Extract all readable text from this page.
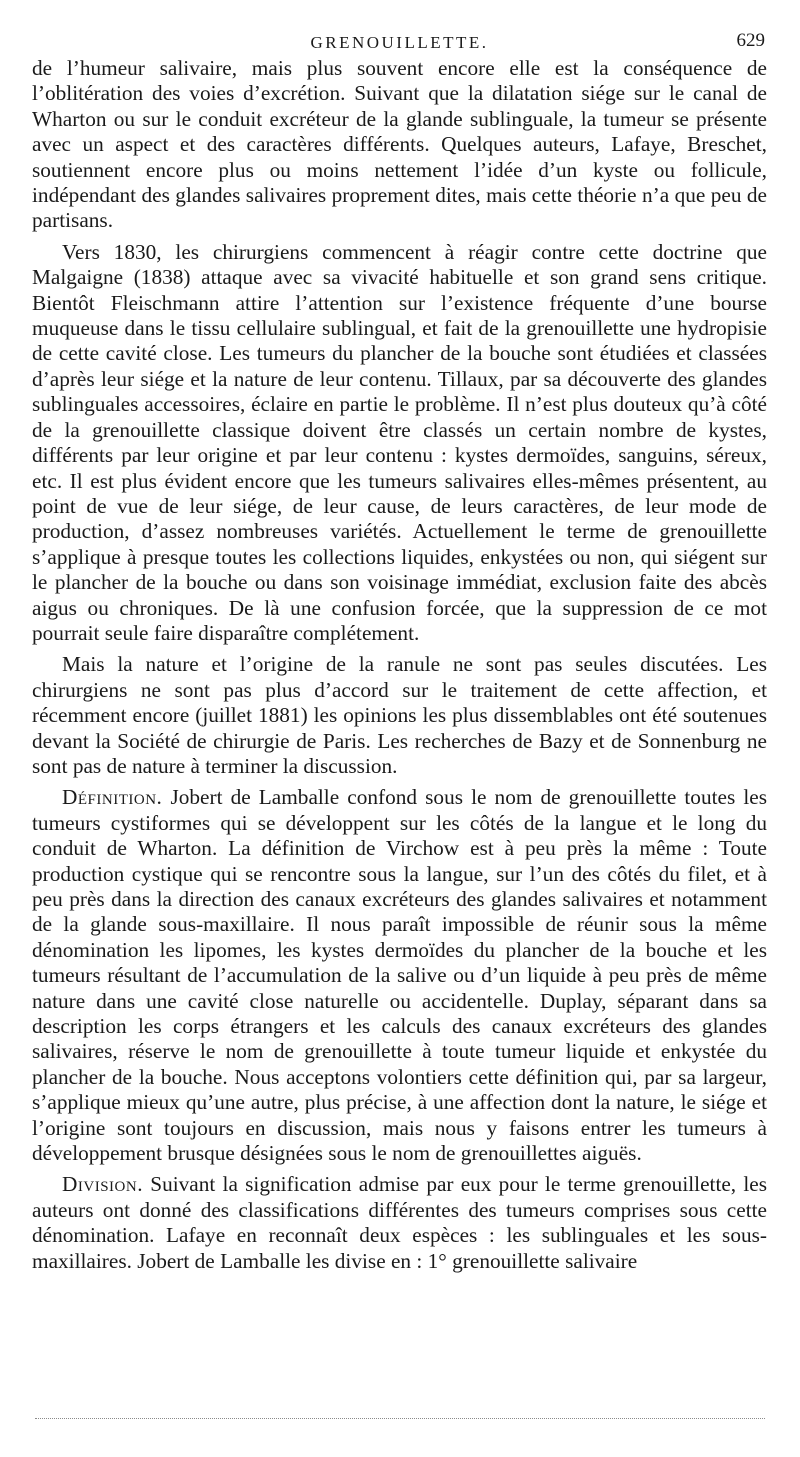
GRENOUILLETTE.	629

de l’humeur salivaire, mais plus souvent encore elle est la conséquence de l’oblitération des voies d’excrétion. Suivant que la dilatation siége sur le canal de Wharton ou sur le conduit excréteur de la glande sublinguale, la tumeur se présente avec un aspect et des caractères différents. Quelques auteurs, Lafaye, Breschet, soutiennent encore plus ou moins nettement l’idée d’un kyste ou follicule, indépendant des glandes salivaires proprement dites, mais cette théorie n’a que peu de partisans.

Vers 1830, les chirurgiens commencent à réagir contre cette doctrine que Malgaigne (1838) attaque avec sa vivacité habituelle et son grand sens critique. Bientôt Fleischmann attire l’attention sur l’existence fréquente d’une bourse muqueuse dans le tissu cellulaire sublingual, et fait de la grenouillette une hydropisie de cette cavité close. Les tumeurs du plancher de la bouche sont étudiées et classées d’après leur siége et la nature de leur contenu. Tillaux, par sa découverte des glandes sublinguales accessoires, éclaire en partie le problème. Il n’est plus douteux qu’à côté de la grenouillette classique doivent être classés un certain nombre de kystes, différents par leur origine et par leur contenu : kystes dermoïdes, sanguins, séreux, etc. Il est plus évident encore que les tumeurs salivaires elles-mêmes présentent, au point de vue de leur siége, de leur cause, de leurs caractères, de leur mode de production, d’assez nombreuses variétés. Actuellement le terme de grenouillette s’applique à presque toutes les collections liquides, enkystées ou non, qui siégent sur le plancher de la bouche ou dans son voisinage immédiat, exclusion faite des abcès aigus ou chroniques. De là une confusion forcée, que la suppression de ce mot pourrait seule faire disparaître complétement.

Mais la nature et l’origine de la ranule ne sont pas seules discutées. Les chirurgiens ne sont pas plus d’accord sur le traitement de cette affection, et récemment encore (juillet 1881) les opinions les plus dissemblables ont été soutenues devant la Société de chirurgie de Paris. Les recherches de Bazy et de Sonnenburg ne sont pas de nature à terminer la discussion.

Définition. Jobert de Lamballe confond sous le nom de grenouillette toutes les tumeurs cystiformes qui se développent sur les côtés de la langue et le long du conduit de Wharton. La définition de Virchow est à peu près la même : Toute production cystique qui se rencontre sous la langue, sur l’un des côtés du filet, et à peu près dans la direction des canaux excréteurs des glandes salivaires et notamment de la glande sous-maxillaire. Il nous paraît impossible de réunir sous la même dénomination les lipomes, les kystes dermoïdes du plancher de la bouche et les tumeurs résultant de l’accumulation de la salive ou d’un liquide à peu près de même nature dans une cavité close naturelle ou accidentelle. Duplay, séparant dans sa description les corps étrangers et les calculs des canaux excréteurs des glandes salivaires, réserve le nom de grenouillette à toute tumeur liquide et enkystée du plancher de la bouche. Nous acceptons volontiers cette définition qui, par sa largeur, s’applique mieux qu’une autre, plus précise, à une affection dont la nature, le siége et l’origine sont toujours en discussion, mais nous y faisons entrer les tumeurs à développement brusque désignées sous le nom de grenouillettes aiguës.

Division. Suivant la signification admise par eux pour le terme grenouillette, les auteurs ont donné des classifications différentes des tumeurs comprises sous cette dénomination. Lafaye en reconnaît deux espèces : les sublinguales et les sous-maxillaires. Jobert de Lamballe les divise en : 1° grenouillette salivaire
